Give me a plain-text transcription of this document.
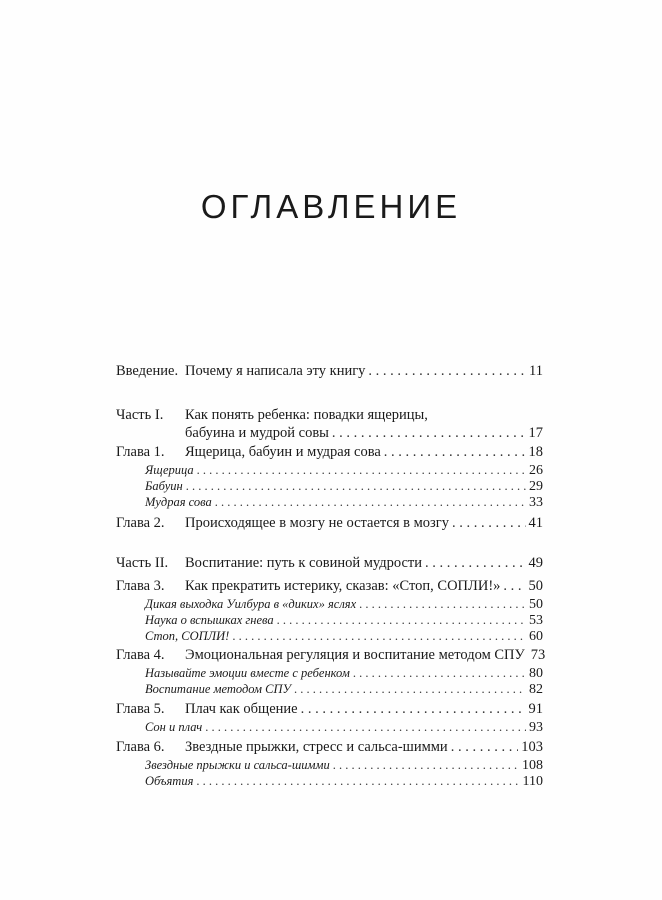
ОГЛАВЛЕНИЕ
Введение. Почему я написала эту книгу . . .	11
Часть I. Как понять ребенка: повадки ящерицы,
бабуина и мудрой совы . . .	17
Глава 1. Ящерица, бабуин и мудрая сова . . .	18
Ящерица . . .	26
Бабуин . . .	29
Мудрая сова . . .	33
Глава 2. Происходящее в мозгу не остается в мозгу . . .	41
Часть II. Воспитание: путь к совиной мудрости . . .	49
Глава 3. Как прекратить истерику, сказав: «Стоп, СОПЛИ!» . . . 50
Дикая выходка Уилбура в «диких» яслях . . .	50
Наука о вспышках гнева . . .	53
Стоп, СОПЛИ! . . .	60
Глава 4. Эмоциональная регуляция и воспитание методом СПУ 73
Называйте эмоции вместе с ребенком . . .	80
Воспитание методом СПУ . . .	82
Глава 5. Плач как общение . . .	91
Сон и плач . . .	93
Глава 6. Звездные прыжки, стресс и сальса-шимми . . .	103
Звездные прыжки и сальса-шимми . . .	108
Объятия . . .	110
